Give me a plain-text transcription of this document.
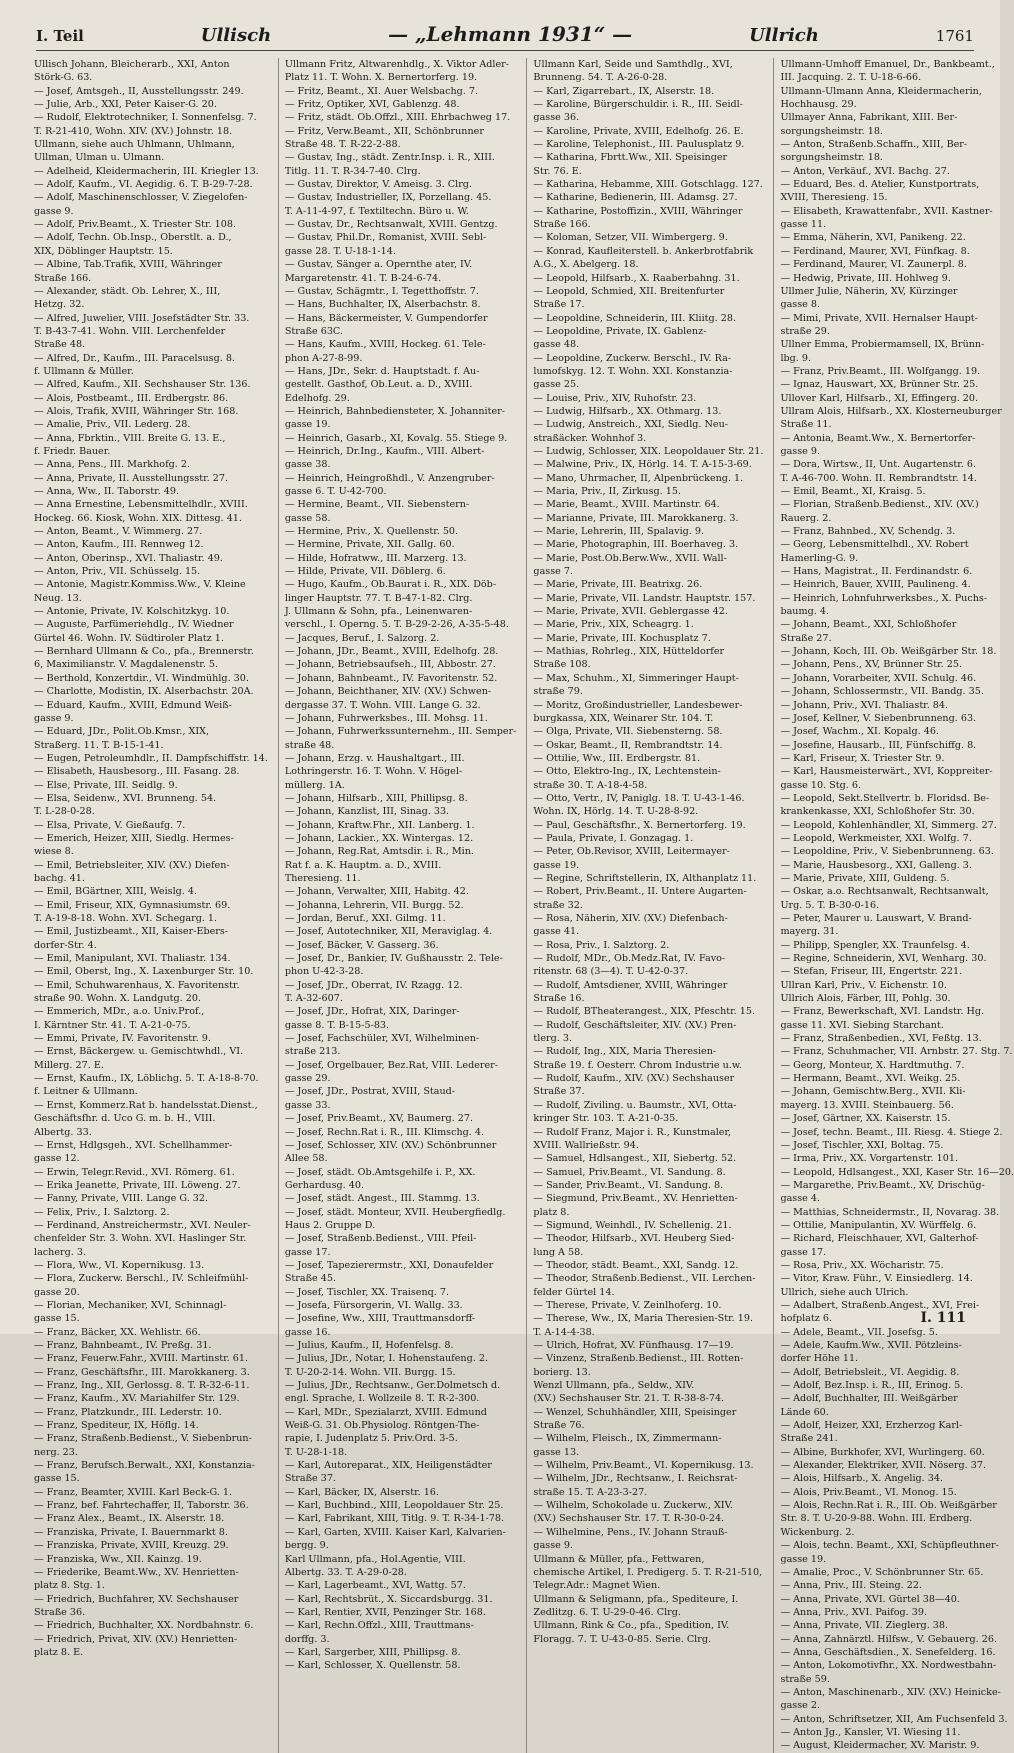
I. Teil	Ullisch	— „Lehmann 1931“ —	Ullrich	1761
Ullisch Johann, Bleicherarb., XXI, Anton
Störk-G. 63.
— Josef, Amtsgeh., II, Ausstellungsstr. 249.
— Julie, Arb., XXI, Peter Kaiser-G. 20.
— Rudolf, Elektrotechniker, I. Sonnenfelsg. 7.
T. R-21-410, Wohn. XIV. (XV.) Johnstr. 18.
Ullmann, siehe auch Uhlmann, Uhlmann,
Ullman, Ulman u. Ulmann.
— Adelheid, Kleidermacherin, III. Kriegler 13.
— Adolf, Kaufm., VI. Aegidig. 6. T. B-29-7-28.
— Adolf, Maschinenschlosser, V. Ziegelofen-
gasse 9.
— Adolf, Priv.Beamt., X. Triester Str. 108.
— Adolf, Techn. Ob.Insp., Oberstlt. a. D.,
XIX, Döblinger Hauptstr. 15.
— Albine, Tab.Trafik, XVIII, Währinger
Straße 166.
— Alexander, städt. Ob. Lehrer, X., III,
Hetzg. 32.
— Alfred, Juwelier, VIII. Josefstädter Str. 33.
T. B-43-7-41. Wohn. VIII. Lerchenfelder
Straße 48.
— Alfred, Dr., Kaufm., III. Paracelsusg. 8.
f. Ullmann & Müller.
— Alfred, Kaufm., XII. Sechshauser Str. 136.
— Alois, Postbeamt., III. Erdbergstr. 86.
— Alois, Trafik, XVIII, Währinger Str. 168.
— Amalie, Priv., VII. Lederg. 28.
— Anna, Fbrktin., VIII. Breite G. 13. E.,
f. Friedr. Bauer.
— Anna, Pens., III. Markhofg. 2.
— Anna, Private, II. Ausstellungsstr. 27.
— Anna, Ww., II. Taborstr. 49.
— Anna Ernestine, Lebensmittelhdlr., XVIII.
Hockeg. 66. Kiosk, Wohn. XIX. Dittesg. 41.
— Anton, Beamt., V. Wimmerg. 27.
— Anton, Kaufm., III. Rennweg 12.
— Anton, Oberinsp., XVI. Thaliastr. 49.
— Anton, Priv., VII. Schüsselg. 15.
— Antonie, Magistr.Kommiss.Ww., V. Kleine
Neug. 13.
— Antonie, Private, IV. Kolschitzkyg. 10.
— Auguste, Parfümeriehdlg., IV. Wiedner
Gürtel 46. Wohn. IV. Südtiroler Platz 1.
— Bernhard Ullmann & Co., pfa., Brennerstr.
6, Maximilianstr. V. Magdalenenstr. 5.
— Berthold, Konzertdir., VI. Windmühlg. 30.
— Charlotte, Modistin, IX. Alserbachstr. 20A.
— Eduard, Kaufm., XVIII, Edmund Weiß-
gasse 9.
— Eduard, JDr., Polit.Ob.Kmsr., XIX,
Straßerg. 11. T. B-15-1-41.
— Eugen, Petroleumhdlr., II. Dampfschiffstr. 14.
— Elisabeth, Hausbesorg., III. Fasang. 28.
— Else, Private, III. Seidlg. 9.
— Elsa, Seidenw., XVI. Brunneng. 54.
T. L-28-0-28.
— Elsa, Private, V. Gießaufg. 7.
— Emerich, Heizer, XIII, Siedlg. Hermes-
wiese 8.
— Emil, Betriebsleiter, XIV. (XV.) Diefen-
bachg. 41.
— Emil, BGärtner, XIII, Weislg. 4.
— Emil, Friseur, XIX, Gymnasiumstr. 69.
T. A-19-8-18. Wohn. XVI. Schegarg. 1.
— Emil, Justizbeamt., XII, Kaiser-Ebers-
dorfer-Str. 4.
— Emil, Manipulant, XVI. Thaliastr. 134.
— Emil, Oberst, Ing., X. Laxenburger Str. 10.
— Emil, Schuhwarenhaus, X. Favoritenstr.
straße 90. Wohn. X. Landgutg. 20.
— Emmerich, MDr., a.o. Univ.Prof.,
I. Kärntner Str. 41. T. A-21-0-75.
— Emmi, Private, IV. Favoritenstr. 9.
— Ernst, Bäckergew. u. Gemischtwhdl., VI.
Millerg. 27. E.
— Ernst, Kaufm., IX, Löblichg. 5. T. A-18-8-70.
f. Leitner & Ullmann.
— Ernst, Kommerz.Rat b. handelsstat.Dienst.,
Geschäftsfhr. d. Uco G. m. b. H., VIII.
Albertg. 33.
— Ernst, Hdlgsgeh., XVI. Schellhammer-
gasse 12.
— Erwin, Telegr.Revid., XVI. Römerg. 61.
— Erika Jeanette, Private, III. Löweng. 27.
— Fanny, Private, VIII. Lange G. 32.
— Felix, Priv., I. Salztorg. 2.
— Ferdinand, Anstreichermstr., XVI. Neuler-
chenfelder Str. 3. Wohn. XVI. Haslinger Str.
lacherg. 3.
— Flora, Ww., VI. Kopernikusg. 13.
— Flora, Zuckerw. Berschl., IV. Schleifmühl-
gasse 20.
— Florian, Mechaniker, XVI, Schinnagl-
gasse 15.
— Franz, Bäcker, XX. Wehlistr. 66.
— Franz, Bahnbeamt., IV. Preßg. 31.
— Franz, Feuerw.Fahr., XVIII. Martinstr. 61.
— Franz, Geschäftsfhr., III. Marokkanerg. 3.
— Franz, Ing., XII, Gerlossg. 8. T. R-32-6-11.
— Franz, Kaufm., XV. Mariahilfer Str. 129.
— Franz, Platzkundr., III. Lederstr. 10.
— Franz, Spediteur, IX, Höflg. 14.
— Franz, Straßenb.Bedienst., V. Siebenbrun-
nerg. 23.
— Franz, Berufsch.Berwalt., XXI, Konstanzia-
gasse 15.
— Franz, Beamter, XVIII. Karl Beck-G. 1.
— Franz, bef. Fahrtechaffer, II, Taborstr. 36.
— Franz Alex., Beamt., IX. Alserstr. 18.
— Franziska, Private, I. Bauernmarkt 8.
— Franziska, Private, XVIII, Kreuzg. 29.
— Franziska, Ww., XII. Kainzg. 19.
— Friederike, Beamt.Ww., XV. Henrietten-
platz 8. Stg. 1.
— Friedrich, Buchfahrer, XV. Sechshauser
Straße 36.
— Friedrich, Buchhalter, XX. Nordbahnstr. 6.
— Friedrich, Privat, XIV. (XV.) Henrietten-
platz 8. E.
Ullmann Fritz, Altwarenhdlg., X. Viktor Adler-
Platz 11. T. Wohn. X. Bernertorferg. 19.
— Fritz, Beamt., XI. Auer Welsbachg. 7.
— Fritz, Optiker, XVI, Gablenzg. 48.
— Fritz, städt. Ob.Offzl., XIII. Ehrbachweg 17.
— Fritz, Verw.Beamt., XII, Schönbrunner
Straße 48. T. R-22-2-88.
— Gustav, Ing., städt. Zentr.Insp. i. R., XIII.
Titlg. 11. T. R-34-7-40. Clrg.
— Gustav, Direktor, V. Ameisg. 3. Clrg.
— Gustav, Industrieller, IX, Porzellang. 45.
T. A-11-4-97, f. Textiltechn. Büro u. W.
— Gustav, Dr., Rechtsanwalt, XVIII. Gentzg.
— Gustav, Phil.Dr., Romanist, XVIII. Sebl-
gasse 28. T. U-18-1-14.
— Gustav, Sänger a. Opernthe ater, IV.
Margaretenstr. 41. T. B-24-6-74.
— Gustav, Schägmtr., I. Tegetthoffstr. 7.
— Hans, Buchhalter, IX, Alserbachstr. 8.
— Hans, Bäckermeister, V. Gumpendorfer
Straße 63C.
— Hans, Kaufm., XVIII, Hockeg. 61. Tele-
phon A-27-8-99.
— Hans, JDr., Sekr. d. Hauptstadt. f. Au-
gestellt. Gasthof, Ob.Leut. a. D., XVIII.
Edelhofg. 29.
— Heinrich, Bahnbediensteter, X. Johanniter-
gasse 19.
— Heinrich, Gasarb., XI, Kovalg. 55. Stiege 9.
— Heinrich, Dr.Ing., Kaufm., VIII. Albert-
gasse 38.
— Heinrich, Heingroßhdl., V. Anzengruber-
gasse 6. T. U-42-700.
— Hermine, Beamt., VII. Siebenstern-
gasse 58.
— Hermine, Priv., X. Quellenstr. 50.
— Hermine, Private, XII. Gallg. 60.
— Hilde, Hofratww., III. Marzerg. 13.
— Hilde, Private, VII. Döblerg. 6.
— Hugo, Kaufm., Ob.Baurat i. R., XIX. Döb-
linger Hauptstr. 77. T. B-47-1-82. Clrg.
J. Ullmann & Sohn, pfa., Leinenwaren-
verschl., I. Operng. 5. T. B-29-2-26, A-35-5-48.
— Jacques, Beruf., I. Salzorg. 2.
— Johann, JDr., Beamt., XVIII, Edelhofg. 28.
— Johann, Betriebsaufseh., III, Abbostr. 27.
— Johann, Bahnbeamt., IV. Favoritenstr. 52.
— Johann, Beichthaner, XIV. (XV.) Schwen-
dergasse 37. T. Wohn. VIII. Lange G. 32.
— Johann, Fuhrwerksbes., III. Mohsg. 11.
— Johann, Fuhrwerkssunternehm., III. Semper-
straße 48.
— Johann, Erzg. v. Haushaltgart., III.
Lothringerstr. 16. T. Wohn. V. Högel-
müllerg. 1A.
— Johann, Hilfsarb., XIII, Phillipsg. 8.
— Johann, Kanzlist, III, Sinag. 33.
— Johann, Kraftw.Fhr., XII. Lanberg. 1.
— Johann, Lackier., XX. Wintergas. 12.
— Johann, Reg.Rat, Amtsdir. i. R., Min.
Rat f. a. K. Hauptm. a. D., XVIII.
Theresieng. 11.
— Johann, Verwalter, XIII, Habitg. 42.
— Johanna, Lehrerin, VII. Burgg. 52.
— Jordan, Beruf., XXI. Gilmg. 11.
— Josef, Autotechniker, XII, Meraviglag. 4.
— Josef, Bäcker, V. Gasserg. 36.
— Josef, Dr., Bankier, IV. Gußhausstr. 2. Tele-
phon U-42-3-28.
— Josef, JDr., Oberrat, IV. Rzagg. 12.
T. A-32-607.
— Josef, JDr., Hofrat, XIX, Daringer-
gasse 8. T. B-15-5-83.
— Josef, Fachschüler, XVI, Wilhelminen-
straße 213.
— Josef, Orgelbauer, Bez.Rat, VIII. Lederer-
gasse 29.
— Josef, JDr., Postrat, XVIII, Staud-
gasse 33.
— Josef, Priv.Beamt., XV, Baumerg. 27.
— Josef, Rechn.Rat i. R., III. Klimschg. 4.
— Josef, Schlosser, XIV. (XV.) Schönbrunner
Allee 58.
— Josef, städt. Ob.Amtsgehilfe i. P., XX.
Gerhardusg. 40.
— Josef, städt. Angest., III. Stammg. 13.
— Josef, städt. Monteur, XVII. Heubergfiedlg.
Haus 2. Gruppe D.
— Josef, Straßenb.Bedienst., VIII. Pfeil-
gasse 17.
— Josef, Tapezierermstr., XXI, Donaufelder
Straße 45.
— Josef, Tischler, XX. Traisenq. 7.
— Josefa, Fürsorgerin, VI. Wallg. 33.
— Josefine, Ww., XIII, Trauttmansdorff-
gasse 16.
— Julius, Kaufm., II, Hofenfelsg. 8.
— Julius, JDr., Notar, I. Hohenstaufeng. 2.
T. U-20-2-14. Wohn. VII. Burgg. 15.
— Julius, JDr., Rechtsanw., Ger.Dolmetsch d.
engl. Sprache, I. Wollzeile 8. T. R-2-300.
— Karl, MDr., Spezialarzt, XVIII. Edmund
Weiß-G. 31. Ob.Physiolog. Röntgen-The-
rapie, I. Judenplatz 5. Priv.Ord. 3-5.
T. U-28-1-18.
— Karl, Autoreparat., XIX, Heiligenstädter
Straße 37.
— Karl, Bäcker, IX, Alserstr. 16.
— Karl, Buchbind., XIII, Leopoldauer Str. 25.
— Karl, Fabrikant, XIII, Titlg. 9. T. R-34-1-78.
— Karl, Garten, XVIII. Kaiser Karl, Kalvarien-
bergg. 9.
Karl Ullmann, pfa., Hol.Agentie, VIII.
Albertg. 33. T. A-29-0-28.
— Karl, Lagerbeamt., XVI, Wattg. 57.
— Karl, Rechtsbrüt., X. Siccardsburgg. 31.
— Karl, Rentier, XVII, Penzinger Str. 168.
— Karl, Rechn.Offzl., XIII, Trauttmans-
dorffg. 3.
— Karl, Sargerber, XIII, Phillipsg. 8.
— Karl, Schlosser, X. Quellenstr. 58.
Ullmann Karl, Seide und Samthdlg., XVI,
Brunneng. 54. T. A-26-0-28.
— Karl, Zigarrebart., IX, Alserstr. 18.
— Karoline, Bürgerschuldir. i. R., III. Seidl-
gasse 36.
— Karoline, Private, XVIII, Edelhofg. 26. E.
— Karoline, Telephonist., III. Paulusplatz 9.
— Katharina, Fbrtt.Ww., XII. Speisinger
Str. 76. E.
— Katharina, Hebamme, XIII. Gotschlagg. 127.
— Katharine, Bedienerin, III. Adamsg. 27.
— Katharine, Postoffizin., XVIII, Währinger
Straße 166.
— Koloman, Setzer, VII. Wimbergerg. 9.
— Konrad, Kaufleiterstell. b. Ankerbrotfabrik
A.G., X. Abelgerg. 18.
— Leopold, Hilfsarb., X. Raaberbahng. 31.
— Leopold, Schmied, XII. Breitenfurter
Straße 17.
— Leopoldine, Schneiderin, III. Kliitg. 28.
— Leopoldine, Private, IX. Gablenz-
gasse 48.
— Leopoldine, Zuckerw. Berschl., IV. Ra-
lumofskyg. 12. T. Wohn. XXI. Konstanzia-
gasse 25.
— Louise, Priv., XIV, Ruhofstr. 23.
— Ludwig, Hilfsarb., XX. Othmarg. 13.
— Ludwig, Anstreich., XXI, Siedlg. Neu-
straßäcker. Wohnhof 3.
— Ludwig, Schlosser, XIX. Leopoldauer Str. 21.
— Malwine, Priv., IX, Hörlg. 14. T. A-15-3-69.
— Mano, Uhrmacher, II, Alpenbrückeng. 1.
— Maria, Priv., II, Zirkusg. 15.
— Marie, Beamt., XVIII. Martinstr. 64.
— Marianne, Private, III. Marokkanerg. 3.
— Marie, Lehrerin, III, Spalavig. 9.
— Marie, Photographin, III. Boerhaveg. 3.
— Marie, Post.Ob.Berw.Ww., XVII. Wall-
gasse 7.
— Marie, Private, III. Beatrixg. 26.
— Marie, Private, VII. Landstr. Hauptstr. 157.
— Marie, Private, XVII. Geblergasse 42.
— Marie, Priv., XIX, Scheagrg. 1.
— Marie, Private, III. Kochusplatz 7.
— Mathias, Rohrleg., XIX, Hütteldorfer
Straße 108.
— Max, Schuhm., XI, Simmeringer Haupt-
straße 79.
— Moritz, Großindustrieller, Landesbewer-
burgkassa, XIX, Weinarer Str. 104. T.
— Olga, Private, VII. Siebensterng. 58.
— Oskar, Beamt., II, Rembrandtstr. 14.
— Ottilie, Ww., III. Erdbergstr. 81.
— Otto, Elektro-Ing., IX, Lechtenstein-
straße 30. T. A-18-4-58.
— Otto, Vertr., IV, Paniglg. 18. T. U-43-1-46.
Wohn. IX, Hörlg. 14. T. U-28-8-92.
— Paul, Geschäftsfhr., X. Bernertorferg. 19.
— Paula, Private, I. Gonzagag. 1.
— Peter, Ob.Revisor, XVIII, Leitermayer-
gasse 19.
— Regine, Schriftstellerin, IX, Althanplatz 11.
— Robert, Priv.Beamt., II. Untere Augarten-
straße 32.
— Rosa, Näherin, XIV. (XV.) Diefenbach-
gasse 41.
— Rosa, Priv., I. Salztorg. 2.
— Rudolf, MDr., Ob.Medz.Rat, IV. Favo-
ritenstr. 68 (3—4). T. U-42-0-37.
— Rudolf, Amtsdiener, XVIII, Währinger
Straße 16.
— Rudolf, BTheaterangest., XIX, Pfeschtr. 15.
— Rudolf, Geschäftsleiter, XIV. (XV.) Pren-
tlerg. 3.
— Rudolf, Ing., XIX, Maria Theresien-
Straße 19. f. Oesterr. Chrom Industrie u.w.
— Rudolf, Kaufm., XIV. (XV.) Sechshauser
Straße 37.
— Rudolf, Ziviling. u. Baumstr., XVI, Otta-
kringer Str. 103. T. A-21-0-35.
— Rudolf Franz, Major i. R., Kunstmaler,
XVIII. Wallrießstr. 94.
— Samuel, Hdlsangest., XII, Siebertg. 52.
— Samuel, Priv.Beamt., VI. Sandung. 8.
— Sander, Priv.Beamt., VI. Sandung. 8.
— Siegmund, Priv.Beamt., XV. Henrietten-
platz 8.
— Sigmund, Weinhdl., IV. Schellenig. 21.
— Theodor, Hilfsarb., XVI. Heuberg Sied-
lung A 58.
— Theodor, städt. Beamt., XXI, Sandg. 12.
— Theodor, Straßenb.Bedienst., VII. Lerchen-
felder Gürtel 14.
— Therese, Private, V. Zeinlhoferg. 10.
— Therese, Ww., IX, Maria Theresien-Str. 19.
T. A-14-4-38.
— Ulrich, Hofrat, XV. Fünfhausg. 17—19.
— Vinzenz, Straßenb.Bedienst., III. Rotten-
borierg. 13.
Wenzl Ullmann, pfa., Seldw., XIV.
(XV.) Sechshauser Str. 21. T. R-38-8-74.
— Wenzel, Schuhhändler, XIII, Speisinger
Straße 76.
— Wilhelm, Fleisch., IX, Zimmermann-
gasse 13.
— Wilhelm, Priv.Beamt., VI. Kopernikusg. 13.
— Wilhelm, JDr., Rechtsanw., I. Reichsrat-
straße 15. T. A-23-3-27.
— Wilhelm, Schokolade u. Zuckerw., XIV.
(XV.) Sechshauser Str. 17. T. R-30-0-24.
— Wilhelmine, Pens., IV. Johann Strauß-
gasse 9.
Ullmann & Müller, pfa., Fettwaren,
chemische Artikel, I. Predigerg. 5. T. R-21-510,
Telegr.Adr.: Magnet Wien.
Ullmann & Seligmann, pfa., Spediteure, I.
Zedlitzg. 6. T. U-29-0-46. Clrg.
Ullmann, Rink & Co., pfa., Spedition, IV.
Floragg. 7. T. U-43-0-85. Serie. Clrg.
Ullmann-Umhoff Emanuel, Dr., Bankbeamt.,
III. Jacquing. 2. T. U-18-6-66.
Ullmann-Ulmann Anna, Kleidermacherin,
Hochhausg. 29.
Ullmayer Anna, Fabrikant, XIII. Ber-
sorgungsheimstr. 18.
— Anton, Straßenb.Schaffn., XIII, Ber-
sorgungsheimstr. 18.
— Anton, Verkäuf., XVI. Bachg. 27.
— Eduard, Bes. d. Atelier, Kunstportrats,
XVIII, Theresieng. 15.
— Elisabeth, Krawattenfabr., XVII. Kastner-
gasse 11.
— Emma, Näherin, XVI, Panikeng. 22.
— Ferdinand, Maurer, XVI, Fünfkag. 8.
— Ferdinand, Maurer, VI. Zaunerpl. 8.
— Hedwig, Private, III. Hohlweg 9.
Ullmer Julie, Näherin, XV, Kürzinger
gasse 8.
— Mimi, Private, XVII. Hernalser Haupt-
straße 29.
Ullner Emma, Probiermamsell, IX, Brünn-
lbg. 9.
— Franz, Priv.Beamt., III. Wolfgangg. 19.
— Ignaz, Hauswart, XX, Brünner Str. 25.
Ullover Karl, Hilfsarb., XI, Effingerg. 20.
Ullram Alois, Hilfsarb., XX. Klosterneuburger
Straße 11.
— Antonia, Beamt.Ww., X. Bernertorfer-
gasse 9.
— Dora, Wirtsw., II, Unt. Augartenstr. 6.
T. A-46-700. Wohn. II. Rembrandtstr. 14.
— Emil, Beamt., XI, Kraisg. 5.
— Florian, Straßenb.Bedienst., XIV. (XV.)
Rauerg. 2.
— Franz, Bahnbed., XV, Schendg. 3.
— Georg, Lebensmittelhdl., XV. Robert
Hamerling-G. 9.
— Hans, Magistrat., II. Ferdinandstr. 6.
— Heinrich, Bauer, XVIII, Paulineng. 4.
— Heinrich, Lohnfuhrwerksbes., X. Puchs-
baumg. 4.
— Johann, Beamt., XXI, Schloßhofer
Straße 27.
— Johann, Koch, III. Ob. Weißgärber Str. 18.
— Johann, Pens., XV, Brünner Str. 25.
— Johann, Vorarbeiter, XVII. Schulg. 46.
— Johann, Schlossermstr., VII. Bandg. 35.
— Johann, Priv., XVI. Thaliastr. 84.
— Josef, Kellner, V. Siebenbrunneng. 63.
— Josef, Wachm., XI. Kopalg. 46.
— Josefine, Hausarb., III, Fünfschiffg. 8.
— Karl, Friseur, X. Triester Str. 9.
— Karl, Hausmeisterwärt., XVI, Koppreiter-
gasse 10. Stg. 6.
— Leopold, Sekt.Stellvertr. b. Floridsd. Be-
krankenkasse, XXI, Schloßhofer Str. 30.
— Leopold, Kohlenhändler, XI, Simmerg. 27.
— Leopold, Werkmeister, XXI. Wolfg. 7.
— Leopoldine, Priv., V. Siebenbrunneng. 63.
— Marie, Hausbesorg., XXI, Galleng. 3.
— Marie, Private, XIII, Guldeng. 5.
— Oskar, a.o. Rechtsanwalt, Rechtsanwalt,
Urg. 5. T. B-30-0-16.
— Peter, Maurer u. Lauswart, V. Brand-
mayerg. 31.
— Philipp, Spengler, XX. Traunfelsg. 4.
— Regine, Schneiderin, XVI, Wenharg. 30.
— Stefan, Friseur, III, Engertstr. 221.
Ullran Karl, Priv., V. Eichenstr. 10.
Ullrich Alois, Färber, III, Pohlg. 30.
— Franz, Bewerkschaft, XVI. Landstr. Hg.
gasse 11. XVI. Siebing Starchant.
— Franz, Straßenbedien., XVI, Feßtg. 13.
— Franz, Schuhmacher, VII. Arnbstr. 27. Stg. 7.
— Georg, Monteur, X. Hardtmuthg. 7.
— Hermann, Beamt., XVI. Weikg. 25.
— Johann, Gemischtw.Berg., XVII. Kli-
mayerg. 13. XVIII. Steinbauerg. 56.
— Josef, Gärtner, XX. Kaiserstr. 15.
— Josef, techn. Beamt., III. Riesg. 4. Stiege 2.
— Josef, Tischler, XXI, Boltag. 75.
— Irma, Priv., XX. Vorgartenstr. 101.
— Leopold, Hdlsangest., XXI, Kaser Str. 16—20.
— Margarethe, Priv.Beamt., XV, Drischüg-
gasse 4.
— Matthias, Schneidermstr., II, Novarag. 38.
— Ottilie, Manipulantin, XV. Würffelg. 6.
— Richard, Fleischhauer, XVI, Galterhof-
gasse 17.
— Rosa, Priv., XX. Wöcharistr. 75.
— Vitor, Kraw. Führ., V. Einsiedlerg. 14.
Ullrich, siehe auch Ulrich.
— Adalbert, Straßenb.Angest., XVI, Frei-
hofplatz 6.
— Adele, Beamt., VII. Josefsg. 5.
— Adele, Kaufm.Ww., XVII. Pötzleins-
dorfer Höhe 11.
— Adolf, Betriebsleit., VI. Aegidig. 8.
— Adolf, Bez.Insp. i. R., III, Erinog. 5.
— Adolf, Buchhalter, III. Weißgärber
Lände 60.
— Adolf, Heizer, XXI, Erzherzog Karl-
Straße 241.
— Albine, Burkhofer, XVI, Wurlingerg. 60.
— Alexander, Elektriker, XVII. Nöserg. 37.
— Alois, Hilfsarb., X. Angelig. 34.
— Alois, Priv.Beamt., VI. Monog. 15.
— Alois, Rechn.Rat i. R., III. Ob. Weißgärber
Str. 8. T. U-20-9-88. Wohn. III. Erdberg.
Wickenburg. 2.
— Alois, techn. Beamt., XXI, Schüpfleuthner-
gasse 19.
— Amalie, Proc., V. Schönbrunner Str. 65.
— Anna, Priv., III. Steing. 22.
— Anna, Private, XVI. Gürtel 38—40.
— Anna, Priv., XVI. Paifog. 39.
— Anna, Private, VII. Zieglerg. 38.
— Anna, Zahnärztl. Hilfsw., V. Gebauerg. 26.
— Anna, Geschäftsdien., X. Senefelderg. 16.
— Anton, Lokomotivfhr., XX. Nordwestbahn-
straße 59.
— Anton, Maschinenarb., XIV. (XV.) Heinicke-
gasse 2.
— Anton, Schriftsetzer, XII, Am Fuchsenfeld 3.
— Anton Jg., Kansler, VI. Wiesing 11.
— August, Kleidermacher, XV. Maristr. 9.
I. 111
